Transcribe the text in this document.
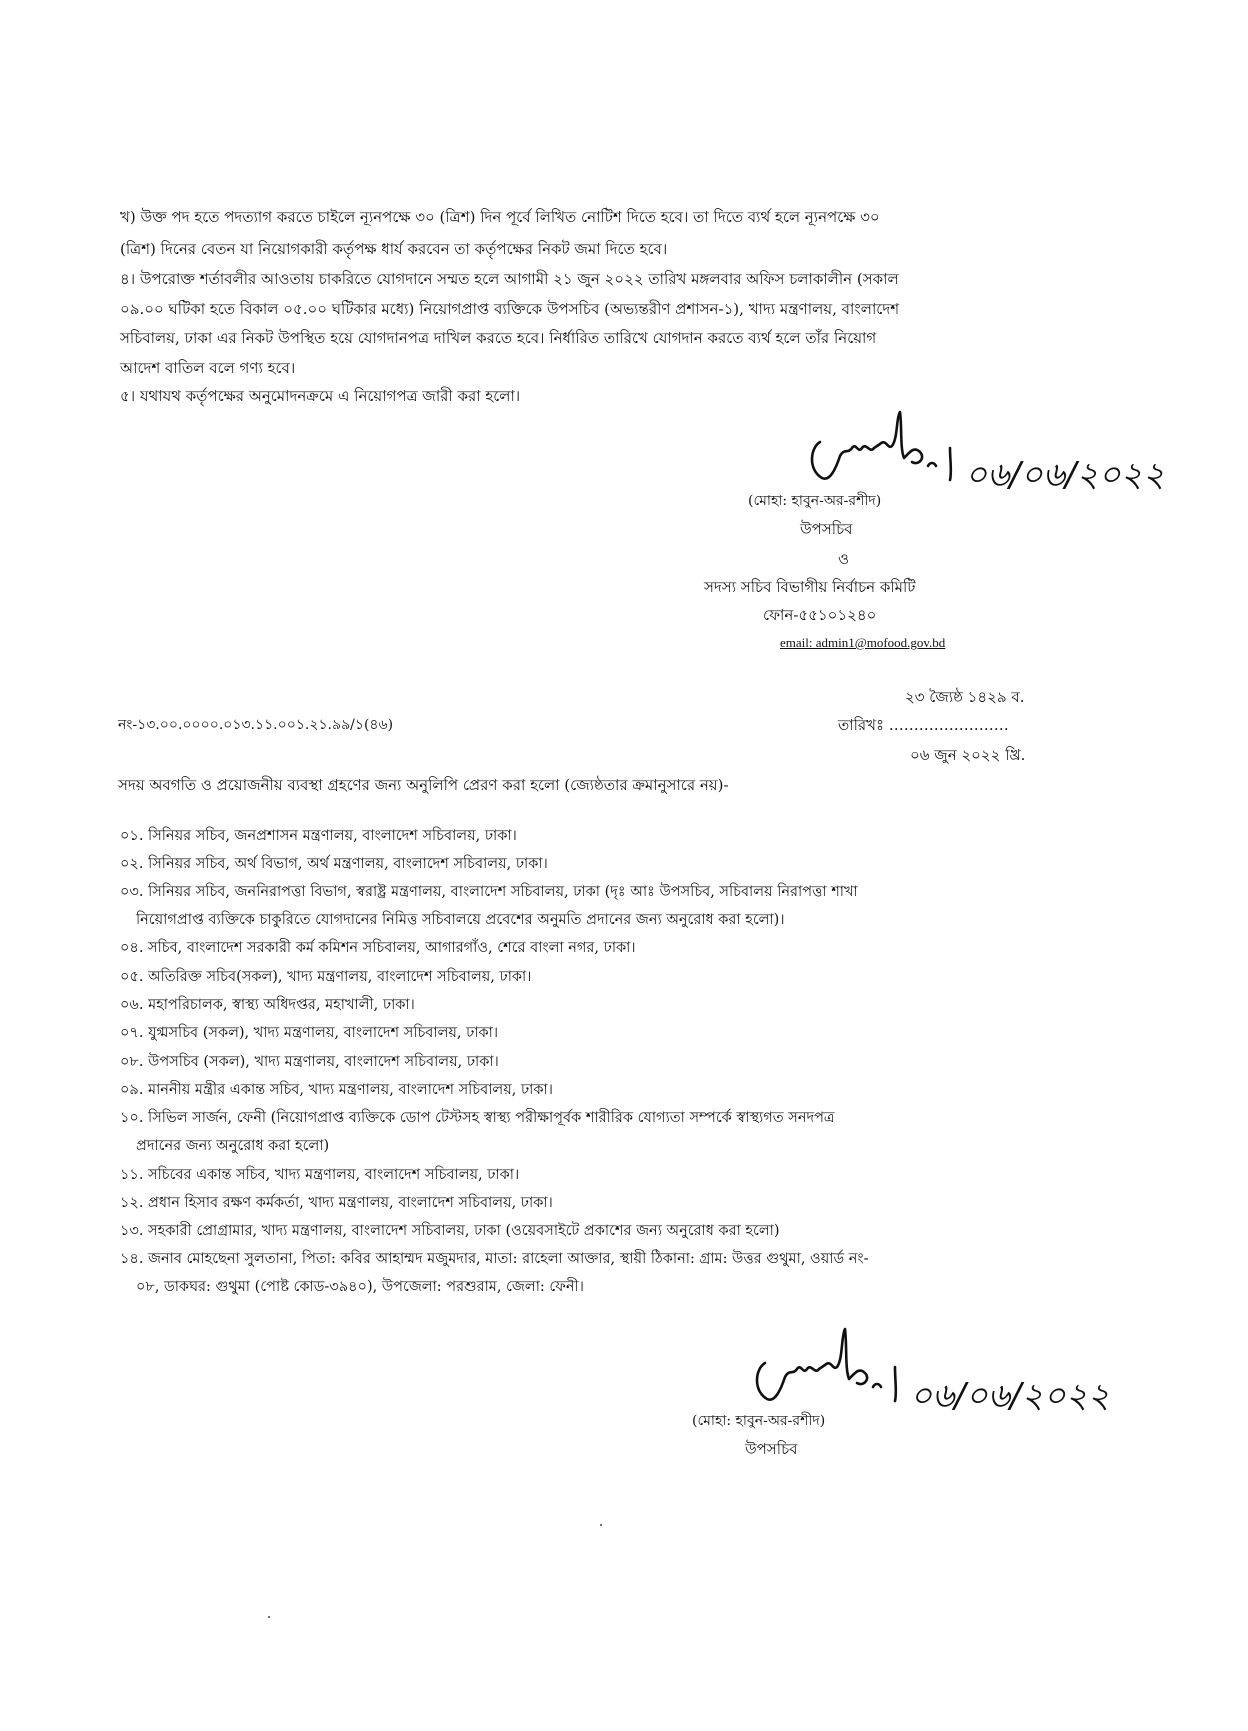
খ) উক্ত পদ হতে পদত্যাগ করতে চাইলে ন্যূনপক্ষে ৩০ (ত্রিশ) দিন পূর্বে লিখিত নোটিশ দিতে হবে। তা দিতে ব্যর্থ হলে ন্যূনপক্ষে ৩০
(ত্রিশ) দিনের বেতন যা নিয়োগকারী কর্তৃপক্ষ ধার্য করবেন তা কর্তৃপক্ষের নিকট জমা দিতে হবে।
৪। উপরোক্ত শর্তাবলীর আওতায় চাকরিতে যোগদানে সম্মত হলে আগামী ২১ জুন ২০২২ তারিখ মঙ্গলবার অফিস চলাকালীন (সকাল
০৯.০০ ঘটিকা হতে বিকাল ০৫.০০ ঘটিকার মধ্যে) নিয়োগপ্রাপ্ত ব্যক্তিকে উপসচিব (অভ্যন্তরীণ প্রশাসন-১), খাদ্য মন্ত্রণালয়, বাংলাদেশ
সচিবালয়, ঢাকা এর নিকট উপস্থিত হয়ে যোগদানপত্র দাখিল করতে হবে। নির্ধারিত তারিখে যোগদান করতে ব্যর্থ হলে তাঁর নিয়োগ
আদেশ বাতিল বলে গণ্য হবে।
৫। যথাযথ কর্তৃপক্ষের অনুমোদনক্রমে এ নিয়োগপত্র জারী করা হলো।
০৬/০৬/২০২২
(মোহা: হাবুন-অর-রশীদ)
উপসচিব
ও
সদস্য সচিব বিভাগীয় নির্বাচন কমিটি
ফোন-৫৫১০১২৪০
email: admin1@mofood.gov.bd
২৩ জ্যৈষ্ঠ ১৪২৯ ব.
নং-১৩.০০.০০০০.০১৩.১১.০০১.২১.৯৯/১(৪৬)	তারিখঃ ……………………
০৬ জুন ২০২২ খ্রি.
সদয় অবগতি ও প্রয়োজনীয় ব্যবস্থা গ্রহণের জন্য অনুলিপি প্রেরণ করা হলো (জ্যেষ্ঠতার ক্রমানুসারে নয়)-
০১. সিনিয়র সচিব, জনপ্রশাসন মন্ত্রণালয়, বাংলাদেশ সচিবালয়, ঢাকা।
০২. সিনিয়র সচিব, অর্থ বিভাগ, অর্থ মন্ত্রণালয়, বাংলাদেশ সচিবালয়, ঢাকা।
০৩. সিনিয়র সচিব, জননিরাপত্তা বিভাগ, স্বরাষ্ট্র মন্ত্রণালয়, বাংলাদেশ সচিবালয়, ঢাকা (দৃঃ আঃ উপসচিব, সচিবালয় নিরাপত্তা শাখা
নিয়োগপ্রাপ্ত ব্যক্তিকে চাকুরিতে যোগদানের নিমিত্ত সচিবালয়ে প্রবেশের অনুমতি প্রদানের জন্য অনুরোধ করা হলো)।
০৪. সচিব, বাংলাদেশ সরকারী কর্ম কমিশন সচিবালয়, আগারগাঁও, শেরে বাংলা নগর, ঢাকা।
০৫. অতিরিক্ত সচিব(সকল), খাদ্য মন্ত্রণালয়, বাংলাদেশ সচিবালয়, ঢাকা।
০৬. মহাপরিচালক, স্বাস্থ্য অধিদপ্তর, মহাখালী, ঢাকা।
০৭. যুগ্মসচিব (সকল), খাদ্য মন্ত্রণালয়, বাংলাদেশ সচিবালয়, ঢাকা।
০৮. উপসচিব (সকল), খাদ্য মন্ত্রণালয়, বাংলাদেশ সচিবালয়, ঢাকা।
০৯. মাননীয় মন্ত্রীর একান্ত সচিব, খাদ্য মন্ত্রণালয়, বাংলাদেশ সচিবালয়, ঢাকা।
১০. সিভিল সার্জন, ফেনী (নিয়োগপ্রাপ্ত ব্যক্তিকে ডোপ টেস্টসহ স্বাস্থ্য পরীক্ষাপূর্বক শারীরিক যোগ্যতা সম্পর্কে স্বাস্থ্যগত সনদপত্র
প্রদানের জন্য অনুরোধ করা হলো)
১১. সচিবের একান্ত সচিব, খাদ্য মন্ত্রণালয়, বাংলাদেশ সচিবালয়, ঢাকা।
১২. প্রধান হিসাব রক্ষণ কর্মকর্তা, খাদ্য মন্ত্রণালয়, বাংলাদেশ সচিবালয়, ঢাকা।
১৩. সহকারী প্রোগ্রামার, খাদ্য মন্ত্রণালয়, বাংলাদেশ সচিবালয়, ঢাকা (ওয়েবসাইটে প্রকাশের জন্য অনুরোধ করা হলো)
১৪. জনাব মোহছেনা সুলতানা, পিতা: কবির আহাম্মদ মজুমদার, মাতা: রাহেলা আক্তার, স্থায়ী ঠিকানা: গ্রাম: উত্তর গুথুমা, ওয়ার্ড নং-
০৮, ডাকঘর: গুথুমা (পোষ্ট কোড-৩৯৪০), উপজেলা: পরশুরাম, জেলা: ফেনী।
০৬/০৬/২০২২
(মোহা: হাবুন-অর-রশীদ)
উপসচিব
